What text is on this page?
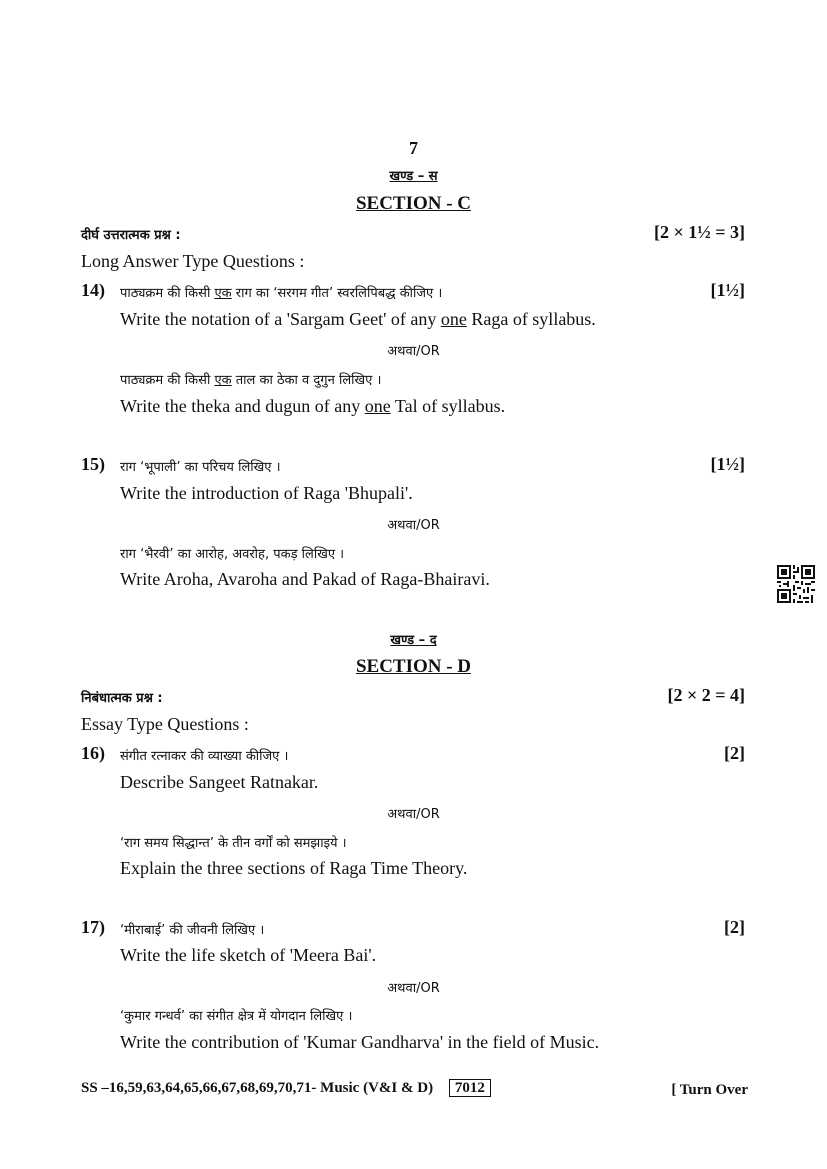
7
खण्ड – स
SECTION - C
दीर्घ उत्तरात्मक प्रश्न :	[2 × 1½ = 3]
Long Answer Type Questions :
14) पाठ्यक्रम की किसी एक राग का ‘सरगम गीत’ स्वरलिपिबद्ध कीजिए ।	[1½]
Write the notation of a 'Sargam Geet' of any one Raga of syllabus.
अथवा/OR
पाठ्यक्रम की किसी एक ताल का ठेका व दुगुन लिखिए ।
Write the theka and dugun of any one Tal of syllabus.
15) राग ‘भूपाली’ का परिचय लिखिए ।	[1½]
Write the introduction of Raga 'Bhupali'.
अथवा/OR
राग ‘भैरवी’ का आरोह, अवरोह, पकड़ लिखिए ।
Write Aroha, Avaroha and Pakad of Raga-Bhairavi.
खण्ड – द
SECTION - D
निबंधात्मक प्रश्न :	[2 × 2 = 4]
Essay Type Questions :
16) संगीत रत्नाकर की व्याख्या कीजिए ।	[2]
Describe Sangeet Ratnakar.
अथवा/OR
‘राग समय सिद्धान्त’ के तीन वर्गों को समझाइये ।
Explain the three sections of Raga Time Theory.
17) ‘मीराबाई’ की जीवनी लिखिए ।	[2]
Write the life sketch of 'Meera Bai'.
अथवा/OR
‘कुमार गन्धर्व’ का संगीत क्षेत्र में योगदान लिखिए ।
Write the contribution of 'Kumar Gandharva' in the field of Music.
SS –16,59,63,64,65,66,67,68,69,70,71- Music (V&I & D) 7012	[ Turn Over
